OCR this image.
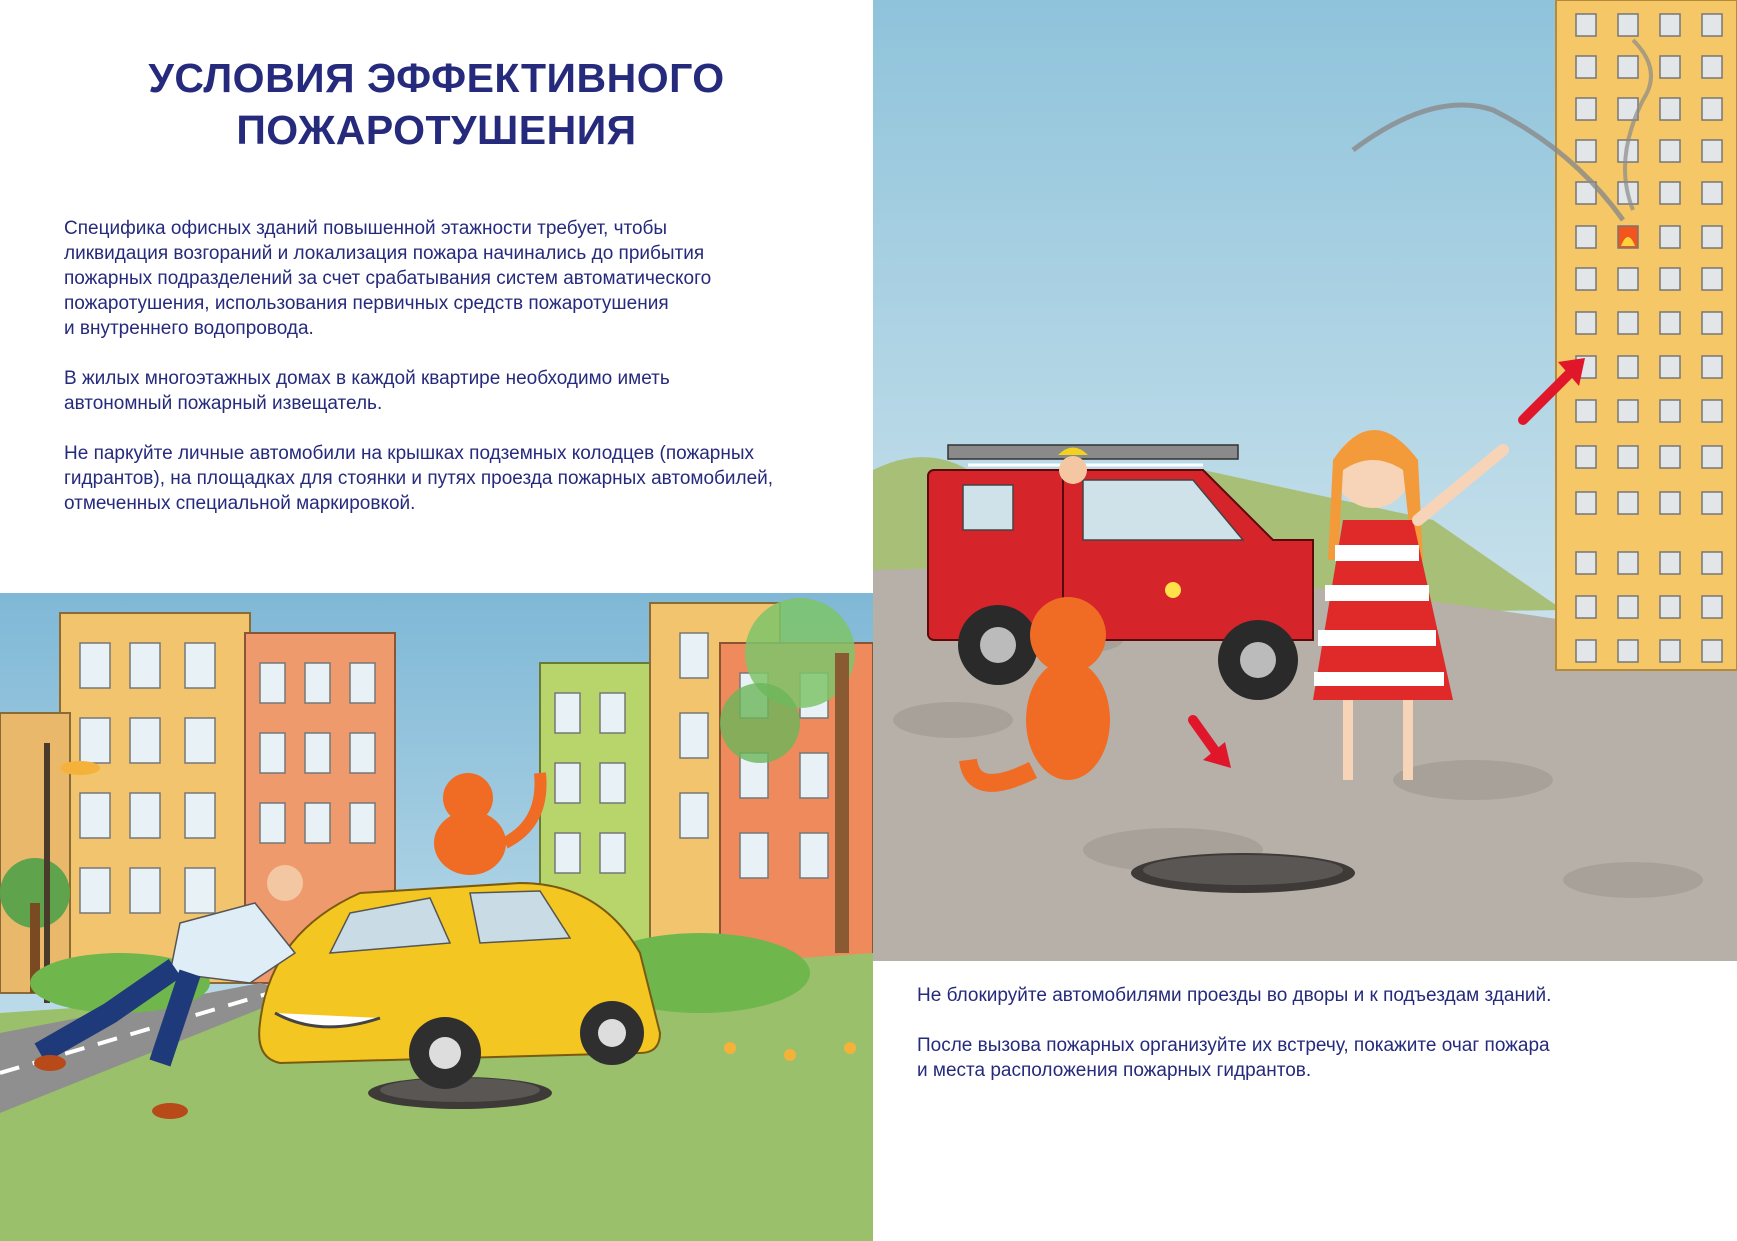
УСЛОВИЯ ЭФФЕКТИВНОГО
ПОЖАРОТУШЕНИЯ
Специфика офисных зданий повышенной этажности требует, чтобы
ликвидация возгораний и локализация пожара начинались до прибытия
пожарных подразделений за счет срабатывания систем автоматического
пожаротушения, использования первичных средств пожаротушения
и внутреннего водопровода.
В жилых многоэтажных домах в каждой квартире необходимо иметь
автономный пожарный извещатель.
Не паркуйте личные автомобили на крышках подземных колодцев (пожарных
гидрантов), на площадках для стоянки и путях проезда пожарных автомобилей,
отмеченных специальной маркировкой.
Не блокируйте автомобилями проезды во дворы и к подъездам зданий.
После вызова пожарных организуйте их встречу, покажите очаг пожара
и места расположения пожарных гидрантов.
